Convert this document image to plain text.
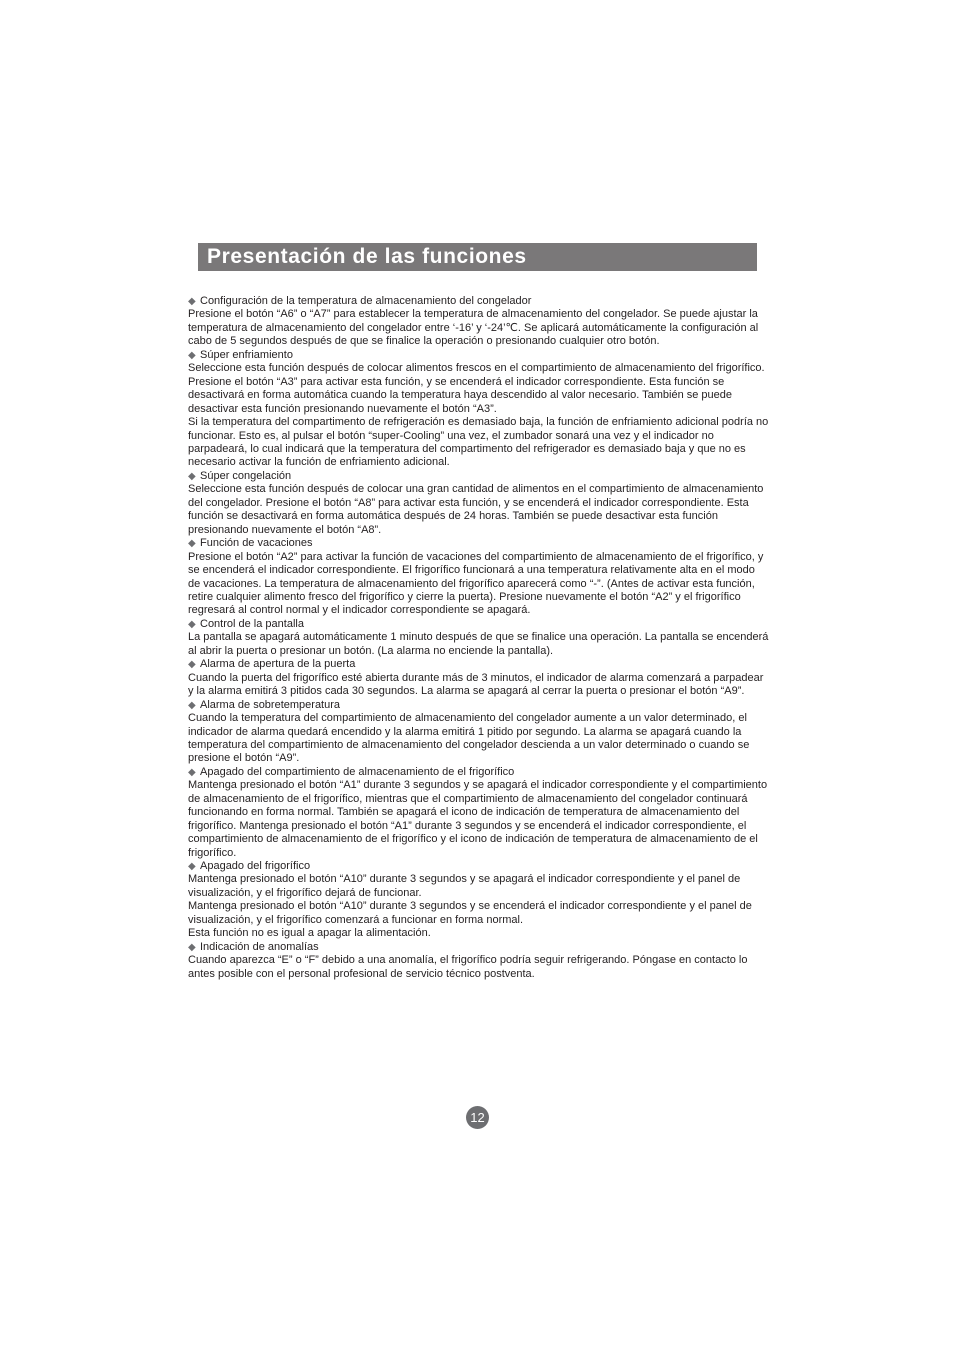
Presentación de las funciones
◆ Configuración de la temperatura de almacenamiento del congelador
Presione el botón “A6” o “A7” para establecer la temperatura de almacenamiento del congelador. Se puede ajustar la temperatura de almacenamiento del congelador entre ‘-16’ y ‘-24’℃. Se aplicará automáticamente la configuración al cabo de 5 segundos después de que se finalice la operación o presionando cualquier otro botón.
◆ Súper enfriamiento
Seleccione esta función después de colocar alimentos frescos en el compartimiento de almacenamiento del frigorífico. Presione el botón “A3” para activar esta función, y se encenderá el indicador correspondiente. Esta función se desactivará en forma automática cuando la temperatura haya descendido al valor necesario. También se puede desactivar esta función presionando nuevamente el botón “A3”.
Si la temperatura del compartimento de refrigeración es demasiado baja, la función de enfriamiento adicional podría no funcionar. Esto es, al pulsar el botón “super-Cooling” una vez, el zumbador sonará una vez y el indicador no parpadeará, lo cual indicará que la temperatura del compartimento del refrigerador es demasiado baja y que no es necesario activar la función de enfriamiento adicional.
◆ Súper congelación
Seleccione esta función después de colocar una gran cantidad de alimentos en el compartimiento de almacenamiento del congelador. Presione el botón “A8” para activar esta función, y se encenderá el indicador correspondiente. Esta función se desactivará en forma automática después de 24 horas. También se puede desactivar esta función presionando nuevamente el botón “A8”.
◆ Función de vacaciones
Presione el botón “A2” para activar la función de vacaciones del compartimiento de almacenamiento de el frigorífico, y se encenderá el indicador correspondiente. El frigorífico funcionará a una temperatura relativamente alta en el modo de vacaciones. La temperatura de almacenamiento del frigorífico aparecerá como “-”. (Antes de activar esta función, retire cualquier alimento fresco del frigorífico y cierre la puerta). Presione nuevamente el botón “A2” y el frigorífico regresará al control normal y el indicador correspondiente se apagará.
◆ Control de la pantalla
La pantalla se apagará automáticamente 1 minuto después de que se finalice una operación. La pantalla se encenderá al abrir la puerta o presionar un botón. (La alarma no enciende la pantalla).
◆ Alarma de apertura de la puerta
Cuando la puerta del frigorífico esté abierta durante más de 3 minutos, el indicador de alarma comenzará a parpadear y la alarma emitirá 3 pitidos cada 30 segundos. La alarma se apagará al cerrar la puerta o presionar el botón “A9”.
◆ Alarma de sobretemperatura
Cuando la temperatura del compartimiento de almacenamiento del congelador aumente a un valor determinado, el indicador de alarma quedará encendido y la alarma emitirá 1 pitido por segundo. La alarma se apagará cuando la temperatura del compartimiento de almacenamiento del congelador descienda a un valor determinado o cuando se presione el botón “A9”.
◆ Apagado del compartimiento de almacenamiento de el frigorífico
Mantenga presionado el botón “A1” durante 3 segundos y se apagará el indicador correspondiente y el compartimiento de almacenamiento de el frigorífico, mientras que el compartimiento de almacenamiento del congelador continuará funcionando en forma normal. También se apagará el icono de indicación de temperatura de almacenamiento del frigorífico. Mantenga presionado el botón “A1” durante 3 segundos y se encenderá el indicador correspondiente, el compartimiento de almacenamiento de el frigorífico y el icono de indicación de temperatura de almacenamiento de el frigorífico.
◆ Apagado del frigorífico
Mantenga presionado el botón “A10” durante 3 segundos y se apagará el indicador correspondiente y el panel de visualización, y el frigorífico dejará de funcionar.
Mantenga presionado el botón “A10” durante 3 segundos y se encenderá el indicador correspondiente y el panel de visualización, y el frigorífico comenzará a funcionar en forma normal.
Esta función no es igual a apagar la alimentación.
◆ Indicación de anomalías
Cuando aparezca “E” o “F” debido a una anomalía, el frigorífico podría seguir refrigerando. Póngase en contacto lo antes posible con el personal profesional de servicio técnico postventa.
12
